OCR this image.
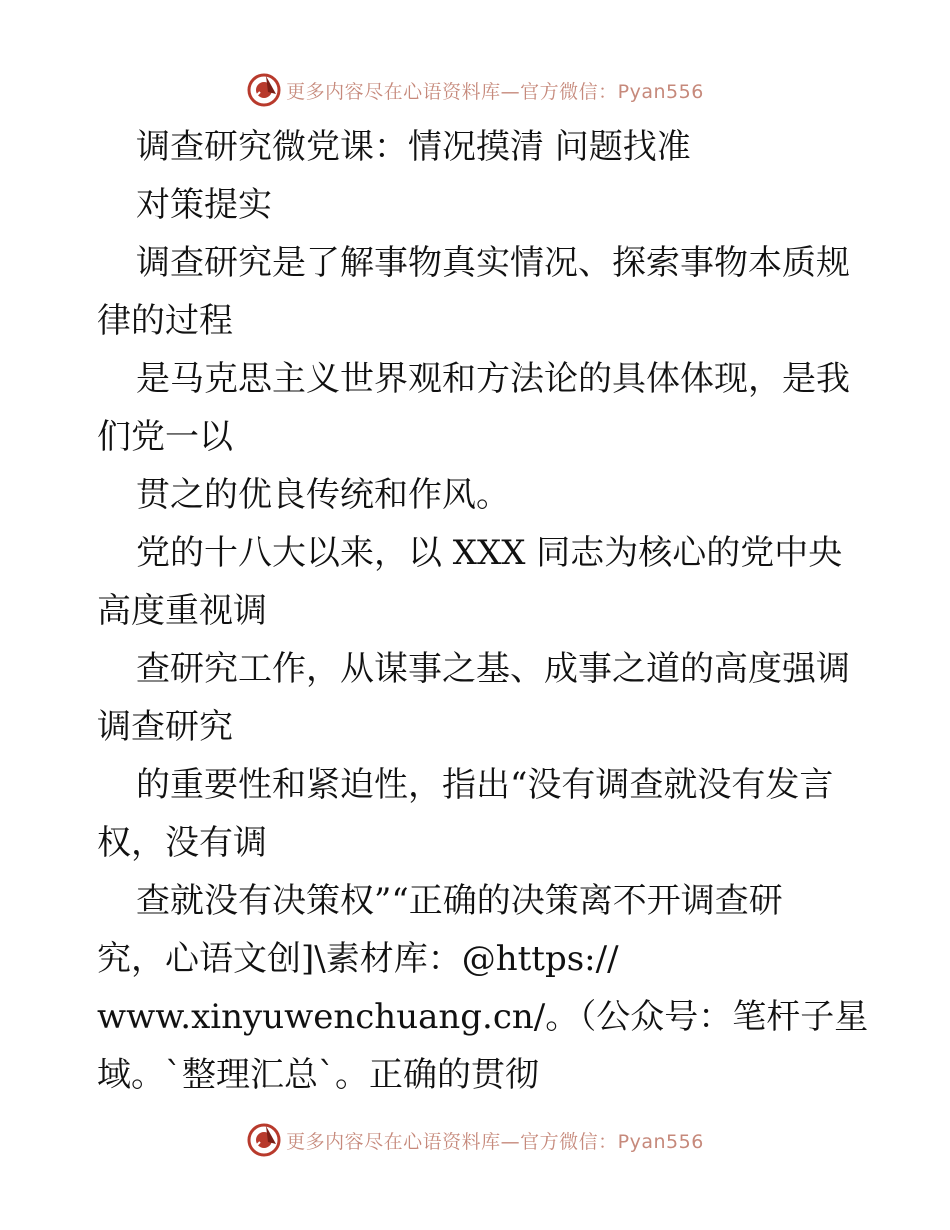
更多内容尽在心语资料库—官方微信：Pyan556

调查研究微党课：情况摸清 问题找准

对策提实

调查研究是了解事物真实情况、探索事物本质规

律的过程

是马克思主义世界观和方法论的具体体现，是我

们党一以

贯之的优良传统和作风。

党的十八大以来，以 XXX 同志为核心的党中央

高度重视调

查研究工作，从谋事之基、成事之道的高度强调

调查研究

的重要性和紧迫性，指出“没有调查就没有发言

权，没有调

查就没有决策权”“正确的决策离不开调查研

究，心语文创]\素材库：@https://

www.xinyuwenchuang.cn/。（公众号：笔杆子星

域。`整理汇总`。正确的贯彻

更多内容尽在心语资料库—官方微信：Pyan556
